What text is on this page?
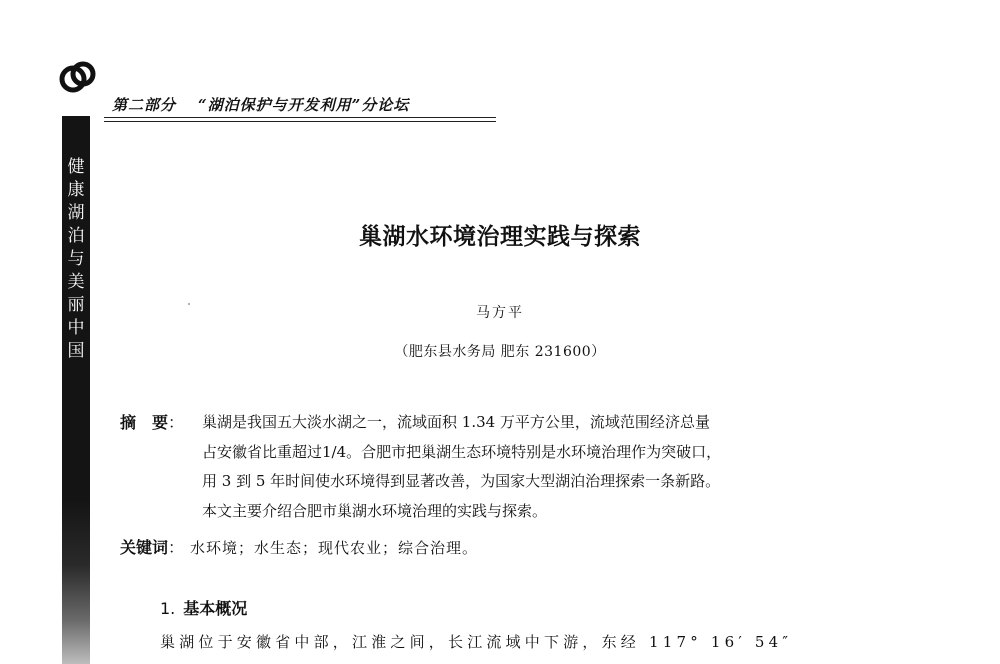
第二部分 “湖泊保护与开发利用”分论坛
健
康
湖
泊
与
美
丽
中
国
巢湖水环境治理实践与探索
马方平
（肥东县水务局 肥东 231600）
摘　要： 巢湖是我国五大淡水湖之一，流域面积 1.34 万平方公里，流域范围经济总量
占安徽省比重超过1/4。合肥市把巢湖生态环境特别是水环境治理作为突破口，
用 3 到 5 年时间使水环境得到显著改善，为国家大型湖泊治理探索一条新路。
本文主要介绍合肥市巢湖水环境治理的实践与探索。
关键词： 水环境；水生态；现代农业；综合治理。
1. 基本概况
巢湖位于安徽省中部，江淮之间，长江流域中下游，东经 117° 16′ 54″
